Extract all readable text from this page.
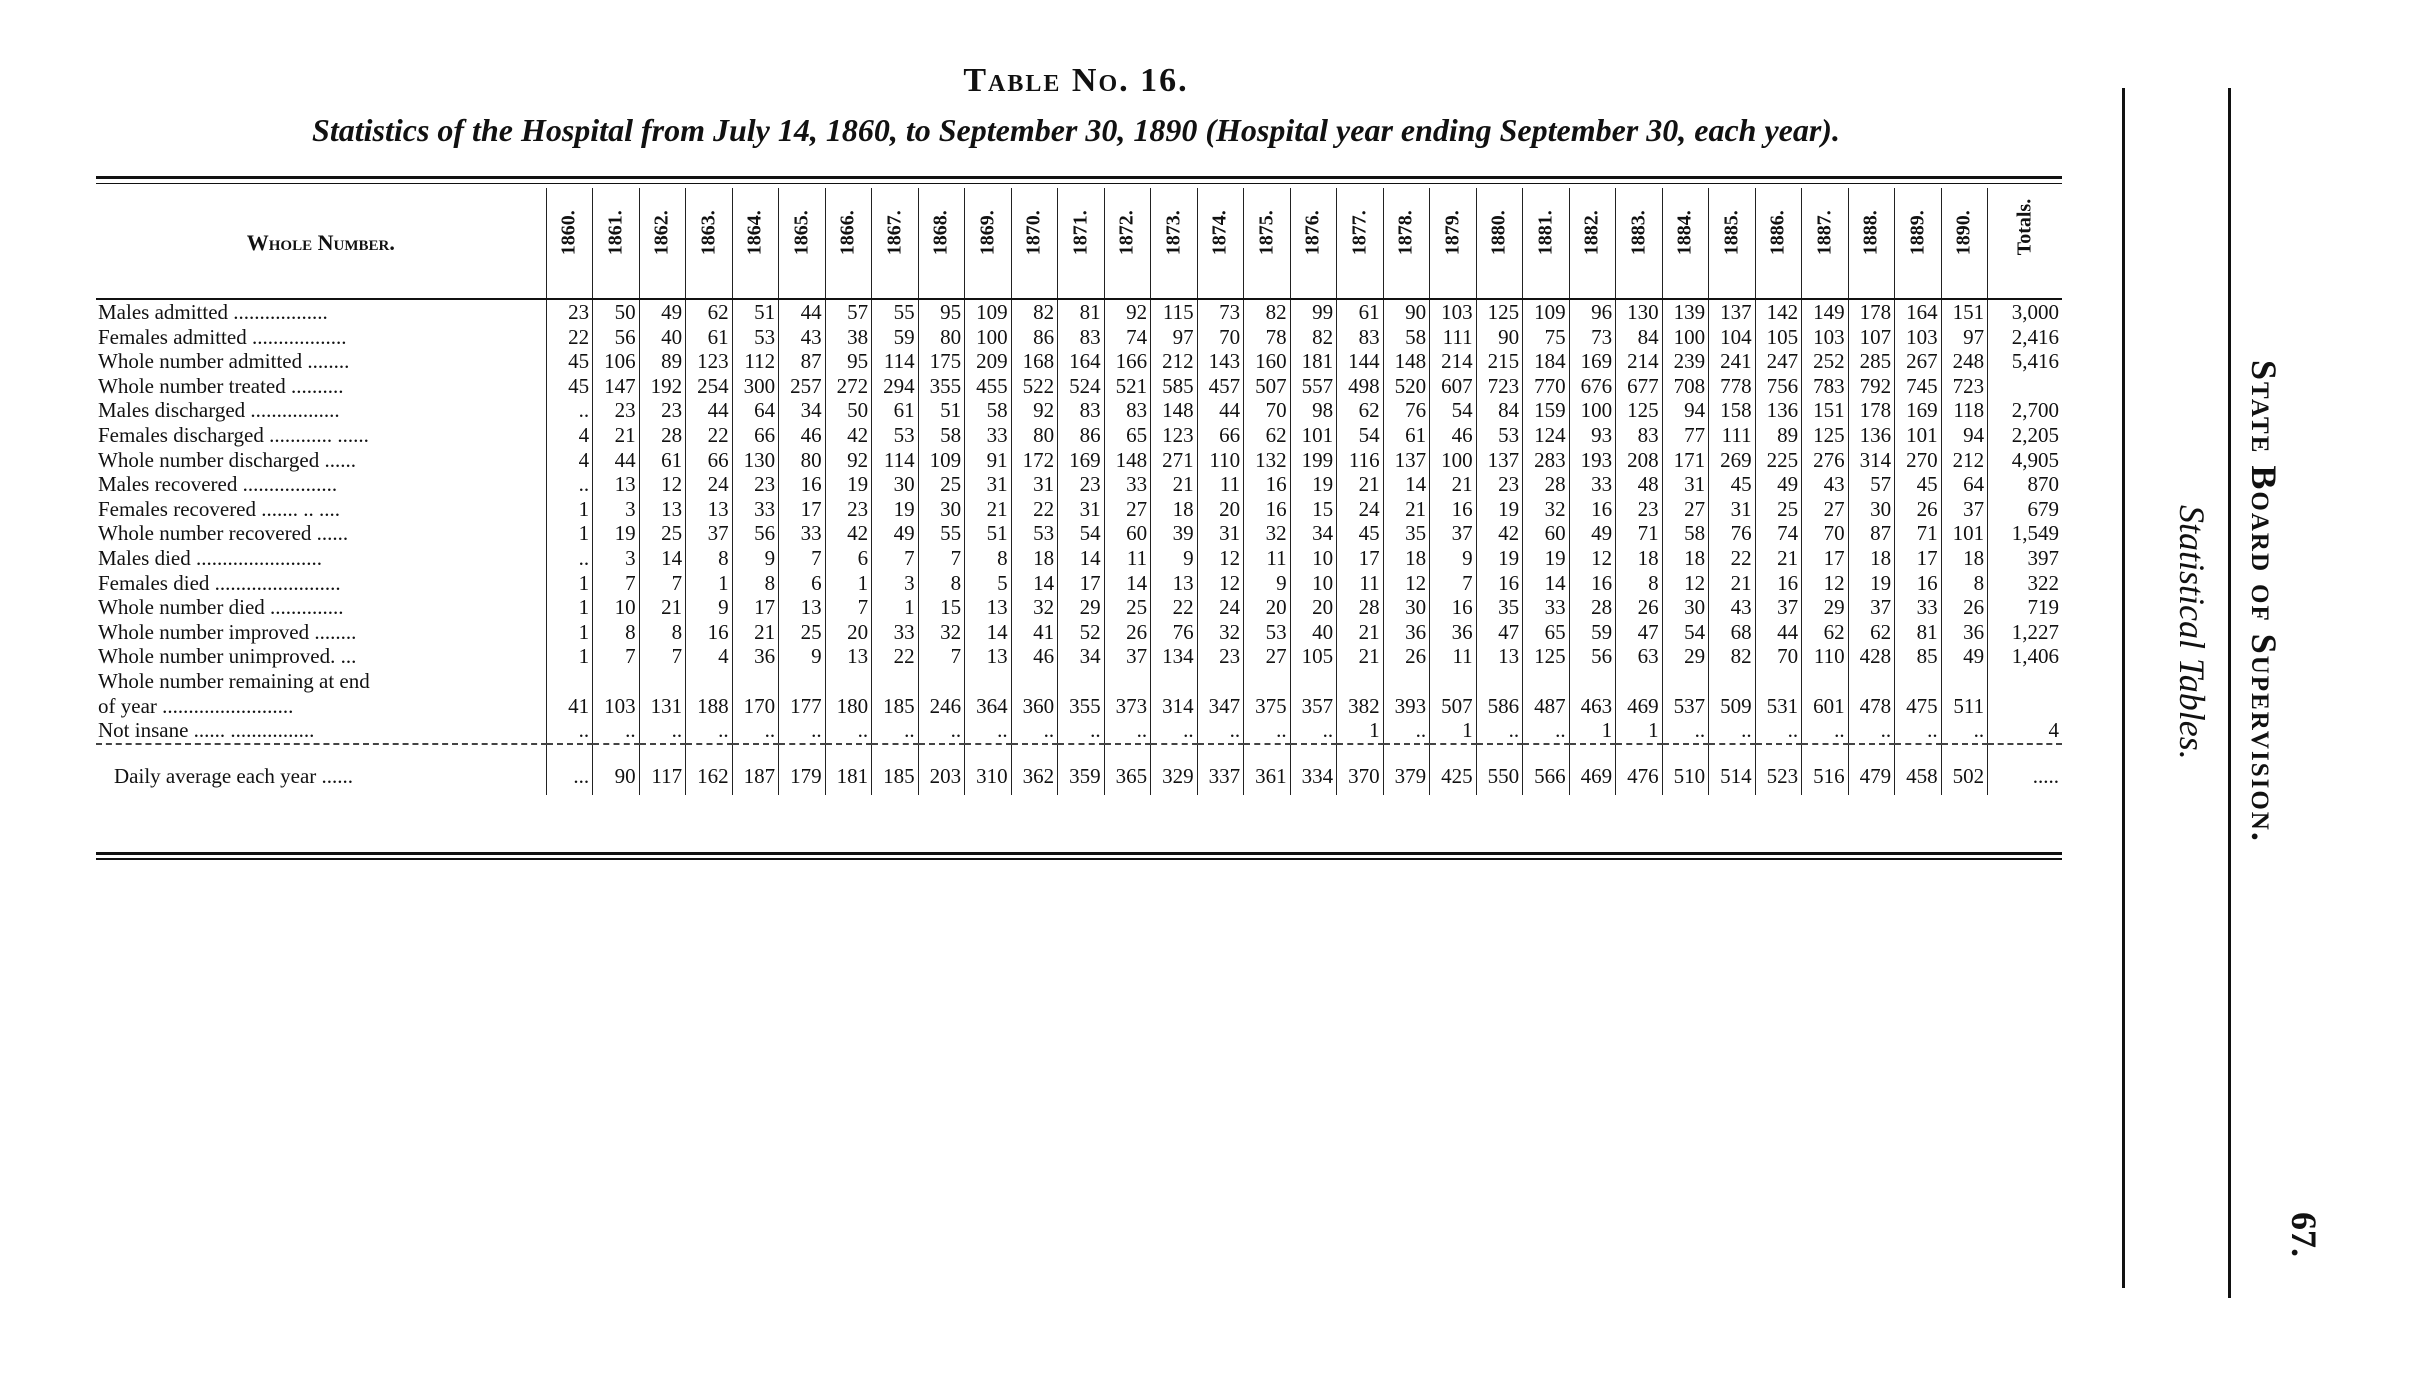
Table No. 16.
Statistics of the Hospital from July 14, 1860, to September 30, 1890 (Hospital year ending September 30, each year).
Whole Number.	1860.	1861.	1862.	1863.	1864.	1865.	1866.	1867.	1868.	1869.	1870.	1871.	1872.	1873.	1874.	1875.	1876.	1877.	1878.	1879.	1880.	1881.	1882.	1883.	1884.	1885.	1886.	1887.	1888.	1889.	1890.	Totals.
Males admitted ..................	23	50	49	62	51	44	57	55	95	109	82	81	92	115	73	82	99	61	90	103	125	109	96	130	139	137	142	149	178	164	151	3,000
Females admitted ..................	22	56	40	61	53	43	38	59	80	100	86	83	74	97	70	78	82	83	58	111	90	75	73	84	100	104	105	103	107	103	97	2,416
Whole number admitted ........	45	106	89	123	112	87	95	114	175	209	168	164	166	212	143	160	181	144	148	214	215	184	169	214	239	241	247	252	285	267	248	5,416
Whole number treated ..........	45	147	192	254	300	257	272	294	355	455	522	524	521	585	457	507	557	498	520	607	723	770	676	677	708	778	756	783	792	745	723	
Males discharged .................	..	23	23	44	64	34	50	61	51	58	92	83	83	148	44	70	98	62	76	54	84	159	100	125	94	158	136	151	178	169	118	2,700
Females discharged ............ ......	4	21	28	22	66	46	42	53	58	33	80	86	65	123	66	62	101	54	61	46	53	124	93	83	77	111	89	125	136	101	94	2,205
Whole number discharged ......	4	44	61	66	130	80	92	114	109	91	172	169	148	271	110	132	199	116	137	100	137	283	193	208	171	269	225	276	314	270	212	4,905
Males recovered ..................	..	13	12	24	23	16	19	30	25	31	31	23	33	21	11	16	19	21	14	21	23	28	33	48	31	45	49	43	57	45	64	870
Females recovered ....... .. ....	1	3	13	13	33	17	23	19	30	21	22	31	27	18	20	16	15	24	21	16	19	32	16	23	27	31	25	27	30	26	37	679
Whole number recovered ......	1	19	25	37	56	33	42	49	55	51	53	54	60	39	31	32	34	45	35	37	42	60	49	71	58	76	74	70	87	71	101	1,549
Males died ........................	..	3	14	8	9	7	6	7	7	8	18	14	11	9	12	11	10	17	18	9	19	19	12	18	18	22	21	17	18	17	18	397
Females died ........................	1	7	7	1	8	6	1	3	8	5	14	17	14	13	12	9	10	11	12	7	16	14	16	8	12	21	16	12	19	16	8	322
Whole number died ..............	1	10	21	9	17	13	7	1	15	13	32	29	25	22	24	20	20	28	30	16	35	33	28	26	30	43	37	29	37	33	26	719
Whole number improved ........	1	8	8	16	21	25	20	33	32	14	41	52	26	76	32	53	40	21	36	36	47	65	59	47	54	68	44	62	62	81	36	1,227
Whole number unimproved. ...	1	7	7	4	36	9	13	22	7	13	46	34	37	134	23	27	105	21	26	11	13	125	56	63	29	82	70	110	428	85	49	1,406
Whole number remaining at end																																
of year .........................	41	103	131	188	170	177	180	185	246	364	360	355	373	314	347	375	357	382	393	507	586	487	463	469	537	509	531	601	478	475	511	
Not insane ...... ................	..	..	..	..	..	..	..	..	..	..	..	..	..	..	..	..	..	1	..	1	..	..	1	1	..	..	..	..	..	..	..	4

Daily average each year ......	...	90	117	162	187	179	181	185	203	310	362	359	365	329	337	361	334	370	379	425	550	566	469	476	510	514	523	516	479	458	502	.....	State Board of Supervision.
Statistical Tables.
67.
